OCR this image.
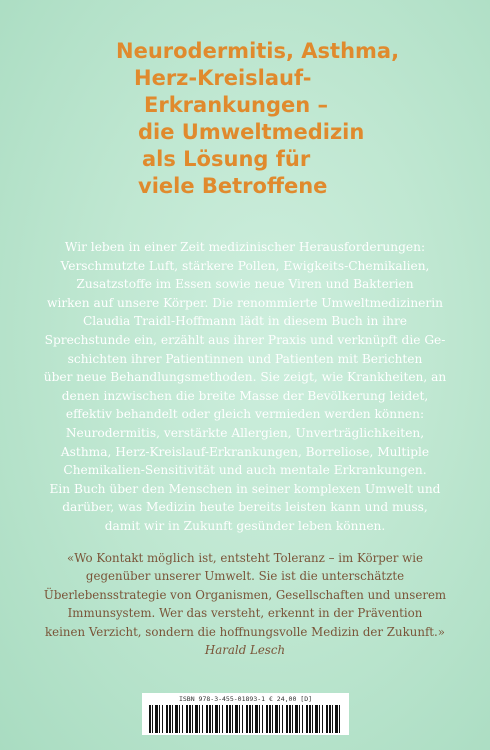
Neurodermitis, Asthma,
Herz-Kreislauf-
Erkrankungen –
die Umweltmedizin
als Lösung für
viele Betroffene

Wir leben in einer Zeit medizinischer Herausforderungen:
Verschmutzte Luft, stärkere Pollen, Ewigkeits-Chemikalien,
Zusatzstoffe im Essen sowie neue Viren und Bakterien
wirken auf unsere Körper. Die renommierte Umweltmedizinerin
Claudia Traidl-Hoffmann lädt in diesem Buch in ihre
Sprechstunde ein, erzählt aus ihrer Praxis und verknüpft die Ge-
schichten ihrer Patientinnen und Patienten mit Berichten
über neue Behandlungsmethoden. Sie zeigt, wie Krankheiten, an
denen inzwischen die breite Masse der Bevölkerung leidet,
effektiv behandelt oder gleich vermieden werden können:
Neurodermitis, verstärkte Allergien, Unverträglichkeiten,
Asthma, Herz-Kreislauf-Erkrankungen, Borreliose, Multiple
Chemikalien-Sensitivität und auch mentale Erkrankungen.
Ein Buch über den Menschen in seiner komplexen Umwelt und
darüber, was Medizin heute bereits leisten kann und muss,
damit wir in Zukunft gesünder leben können.

«Wo Kontakt möglich ist, entsteht Toleranz – im Körper wie
gegenüber unserer Umwelt. Sie ist die unterschätzte
Überlebensstrategie von Organismen, Gesellschaften und unserem
Immunsystem. Wer das versteht, erkennt in der Prävention
keinen Verzicht, sondern die hoffnungsvolle Medizin der Zukunft.»
Harald Lesch
ISBN 978-3-455-01893-1 € 24,00 [D]
